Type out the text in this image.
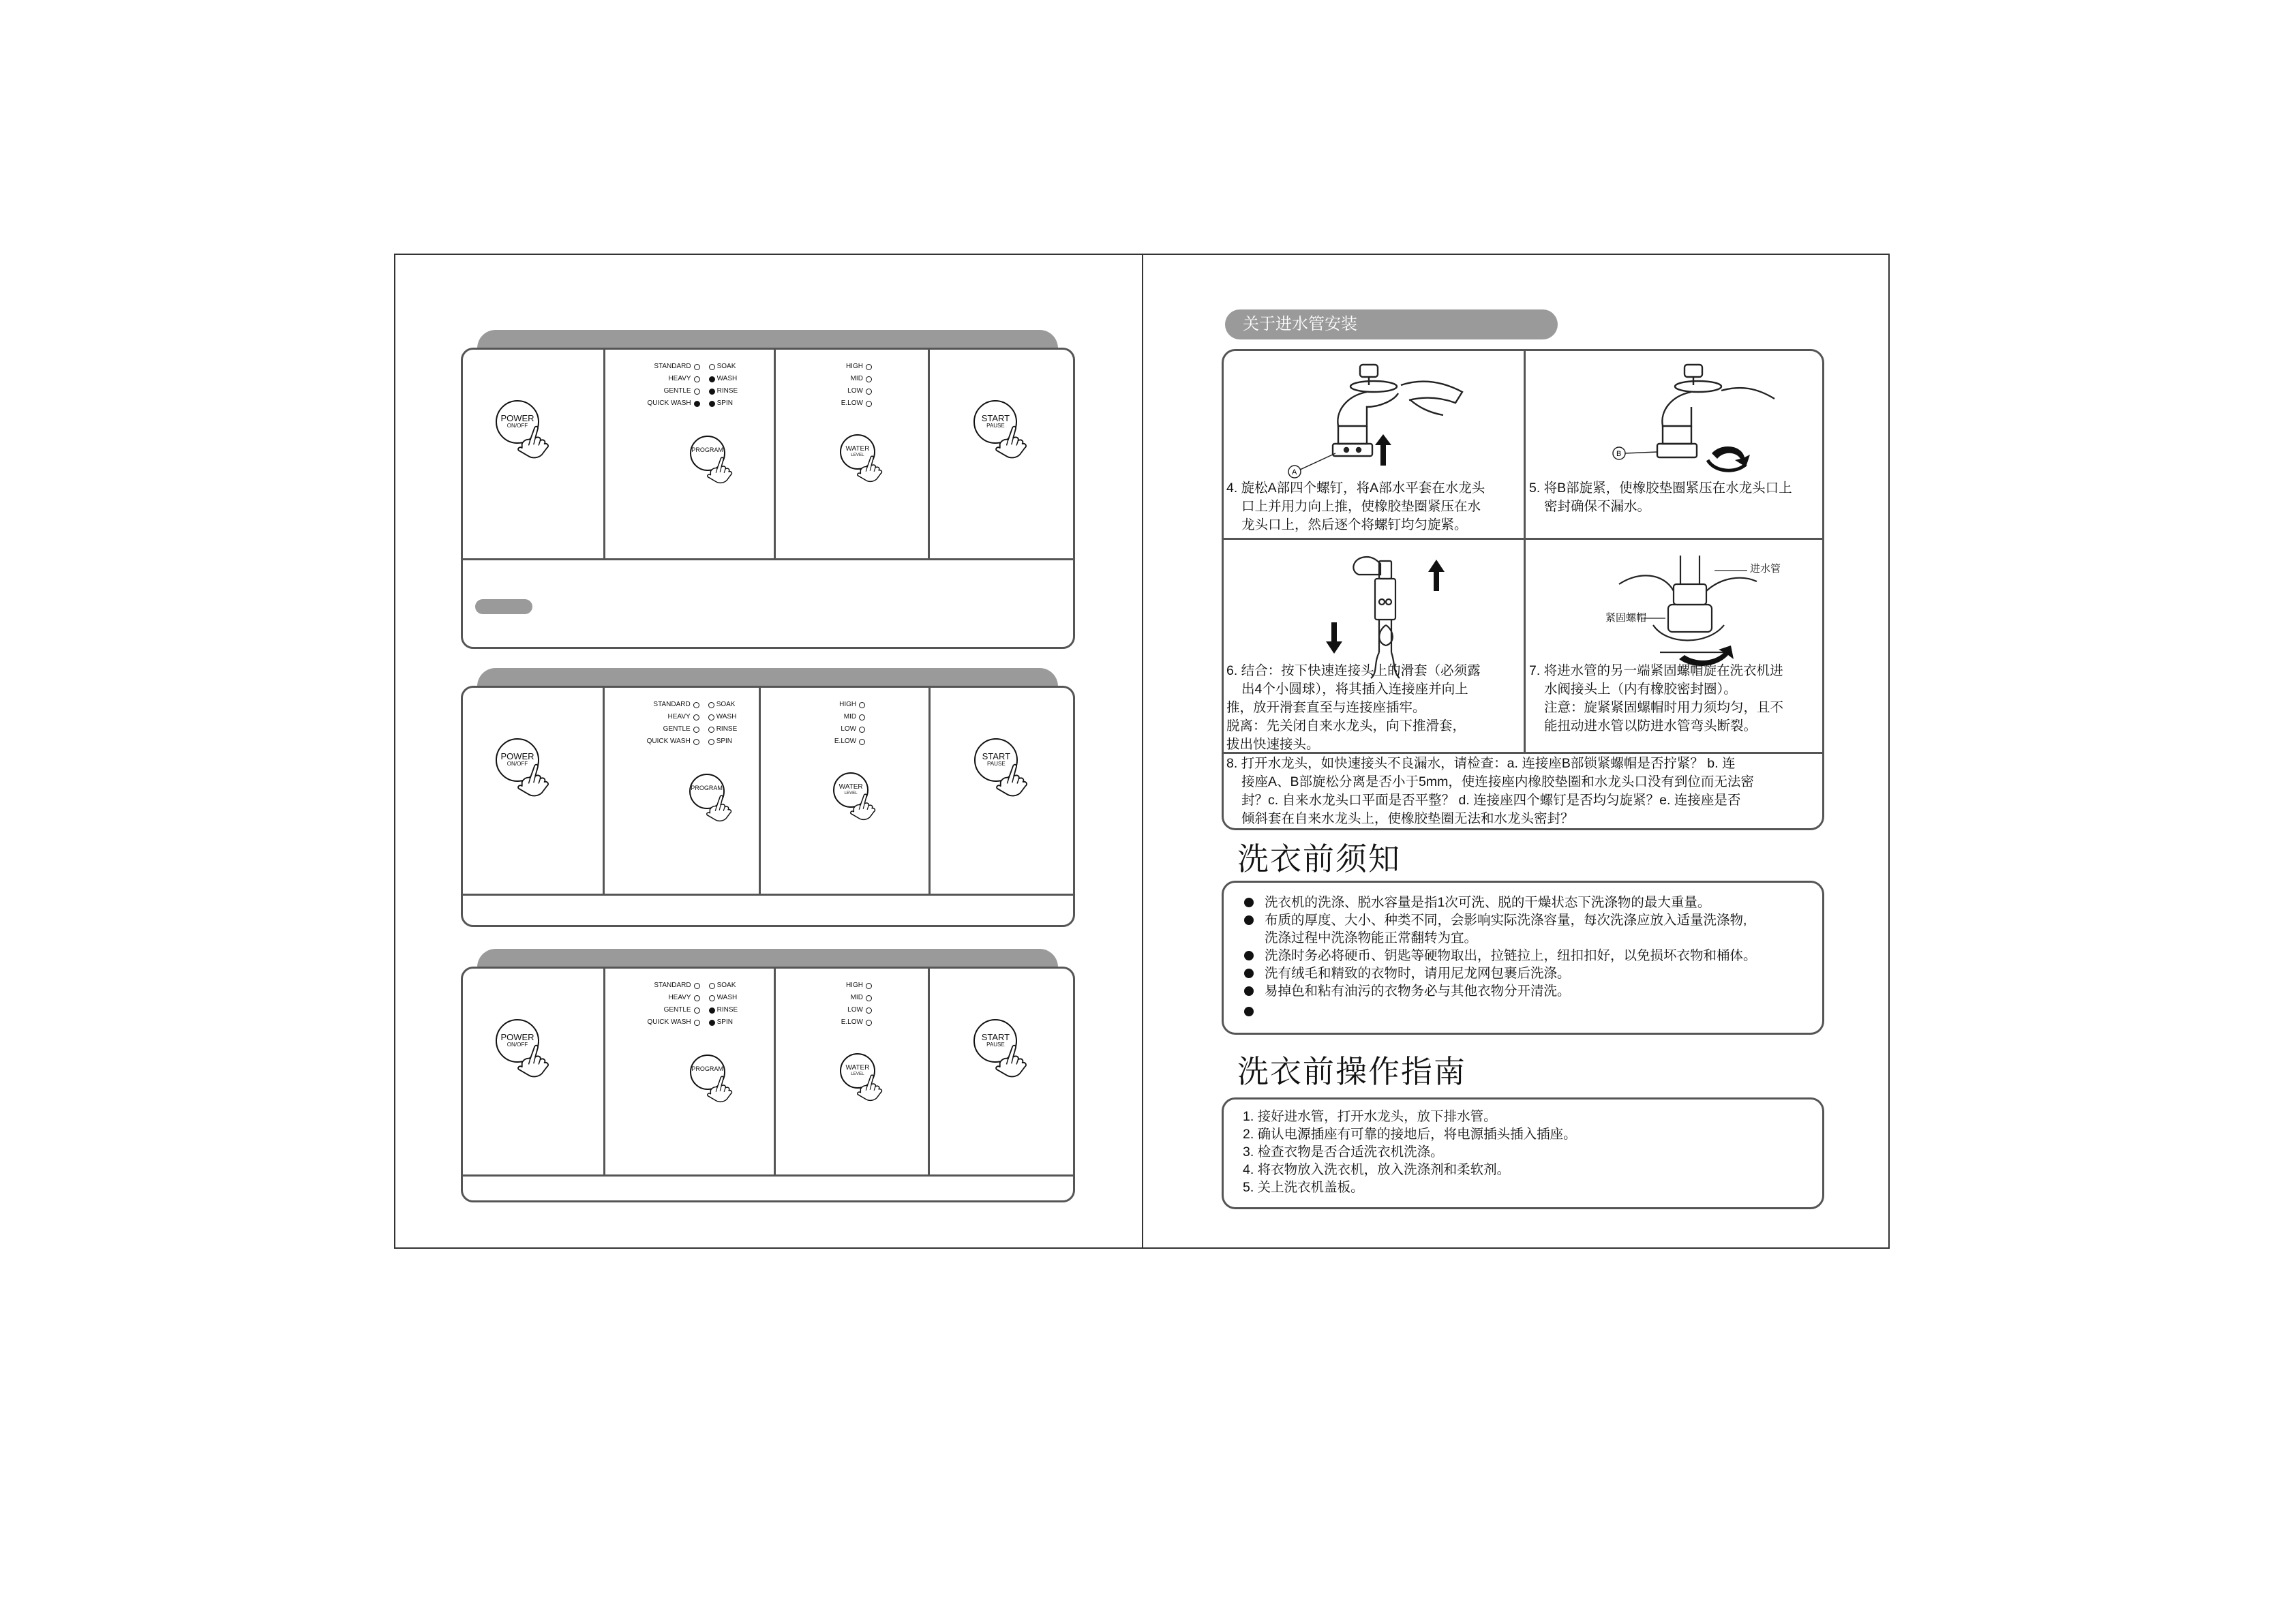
POWER
ON/OFF
STANDARD
HEAVY
GENTLE
QUICK WASH
SOAK
WASH
RINSE
SPIN
PROGRAM
HIGH
MID
LOW
E.LOW
WATER
LEVEL
START
PAUSE
POWER
ON/OFF
STANDARD
HEAVY
GENTLE
QUICK WASH
SOAK
WASH
RINSE
SPIN
PROGRAM
HIGH
MID
LOW
E.LOW
WATER
LEVEL
START
PAUSE
POWER
ON/OFF
STANDARD
HEAVY
GENTLE
QUICK WASH
SOAK
WASH
RINSE
SPIN
PROGRAM
HIGH
MID
LOW
E.LOW
WATER
LEVEL
START
PAUSE
关于进水管安装
A
B
4. 旋松A部四个螺钉，将A部水平套在水龙头
口上并用力向上推，使橡胶垫圈紧压在水
龙头口上，然后逐个将螺钉均匀旋紧。
5. 将B部旋紧，使橡胶垫圈紧压在水龙头口上
密封确保不漏水。
进水管
紧固螺帽
6. 结合：按下快速连接头上的滑套（必须露
出4个小圆球），将其插入连接座并向上
推，放开滑套直至与连接座插牢。
脱离：先关闭自来水龙头，向下推滑套，
拔出快速接头。
7. 将进水管的另一端紧固螺帽旋在洗衣机进
水阀接头上（内有橡胶密封圈）。
注意：旋紧紧固螺帽时用力须均匀，且不
能扭动进水管以防进水管弯头断裂。
8. 打开水龙头，如快速接头不良漏水，请检查：a. 连接座B部锁紧螺帽是否拧紧？ b. 连
接座A、B部旋松分离是否小于5mm，使连接座内橡胶垫圈和水龙头口没有到位而无法密
封？c. 自来水龙头口平面是否平整？ d. 连接座四个螺钉是否均匀旋紧？e. 连接座是否
倾斜套在自来水龙头上，使橡胶垫圈无法和水龙头密封？
洗衣前须知
洗衣机的洗涤、脱水容量是指1次可洗、脱的干燥状态下洗涤物的最大重量。
布质的厚度、大小、种类不同，会影响实际洗涤容量，每次洗涤应放入适量洗涤物,
洗涤过程中洗涤物能正常翻转为宜。
洗涤时务必将硬币、钥匙等硬物取出，拉链拉上，纽扣扣好，以免损坏衣物和桶体。
洗有绒毛和精致的衣物时，请用尼龙网包裹后洗涤。
易掉色和粘有油污的衣物务必与其他衣物分开清洗。
洗衣前操作指南
1. 接好进水管，打开水龙头，放下排水管。
2. 确认电源插座有可靠的接地后，将电源插头插入插座。
3. 检查衣物是否合适洗衣机洗涤。
4. 将衣物放入洗衣机，放入洗涤剂和柔软剂。
5. 关上洗衣机盖板。
